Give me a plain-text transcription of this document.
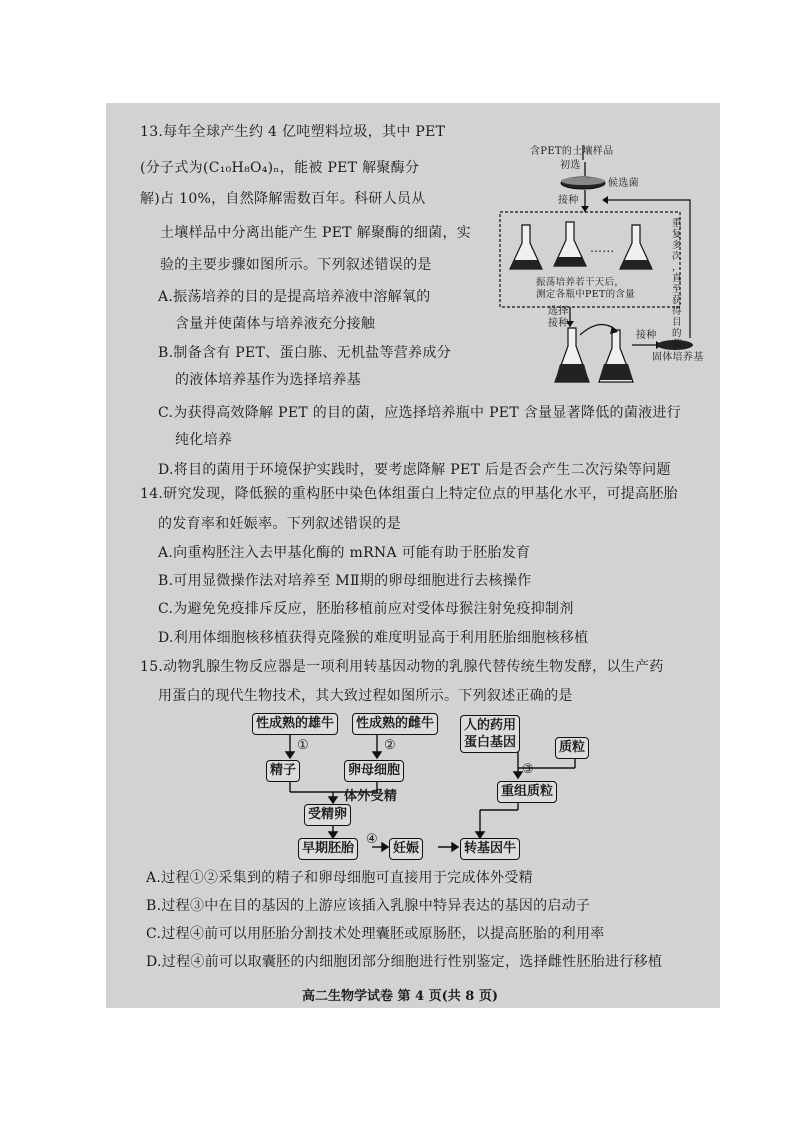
13.每年全球产生约 4 亿吨塑料垃圾，其中 PET
(分子式为(C₁₀H₈O₄)ₙ，能被 PET 解聚酶分
解)占 10%，自然降解需数百年。科研人员从
土壤样品中分离出能产生 PET 解聚酶的细菌，实
验的主要步骤如图所示。下列叙述错误的是
A.振荡培养的目的是提高培养液中溶解氧的
含量并使菌体与培养液充分接触
B.制备含有 PET、蛋白胨、无机盐等营养成分
的液体培养基作为选择培养基
C.为获得高效降解 PET 的目的菌，应选择培养瓶中 PET 含量显著降低的菌液进行
纯化培养
D.将目的菌用于环境保护实践时，要考虑降解 PET 后是否会产生二次污染等问题
含PET的土壤样品
初选
候选菌
接种
……
振荡培养若干天后，
测定各瓶中PET的含量
重复多次
，直至获得目的菌
选择
接种
接种
固体培养基
14.研究发现，降低猴的重构胚中染色体组蛋白上特定位点的甲基化水平，可提高胚胎
的发育率和妊娠率。下列叙述错误的是
A.向重构胚注入去甲基化酶的 mRNA 可能有助于胚胎发育
B.可用显微操作法对培养至 MⅡ期的卵母细胞进行去核操作
C.为避免免疫排斥反应，胚胎移植前应对受体母猴注射免疫抑制剂
D.利用体细胞核移植获得克隆猴的难度明显高于利用胚胎细胞核移植
15.动物乳腺生物反应器是一项利用转基因动物的乳腺代替传统生物发酵，以生产药
用蛋白的现代生物技术，其大致过程如图所示。下列叙述正确的是
性成熟的雄牛	性成熟的雌牛	人的药用
蛋白基因	质粒
①	②
③
精子	卵母细胞
重组质粒
体外受精
受精卵
④
早期胚胎	妊娠	转基因牛
A.过程①②采集到的精子和卵母细胞可直接用于完成体外受精
B.过程③中在目的基因的上游应该插入乳腺中特异表达的基因的启动子
C.过程④前可以用胚胎分割技术处理囊胚或原肠胚，以提高胚胎的利用率
D.过程④前可以取囊胚的内细胞团部分细胞进行性别鉴定，选择雌性胚胎进行移植
高二生物学试卷 第 4 页(共 8 页)
